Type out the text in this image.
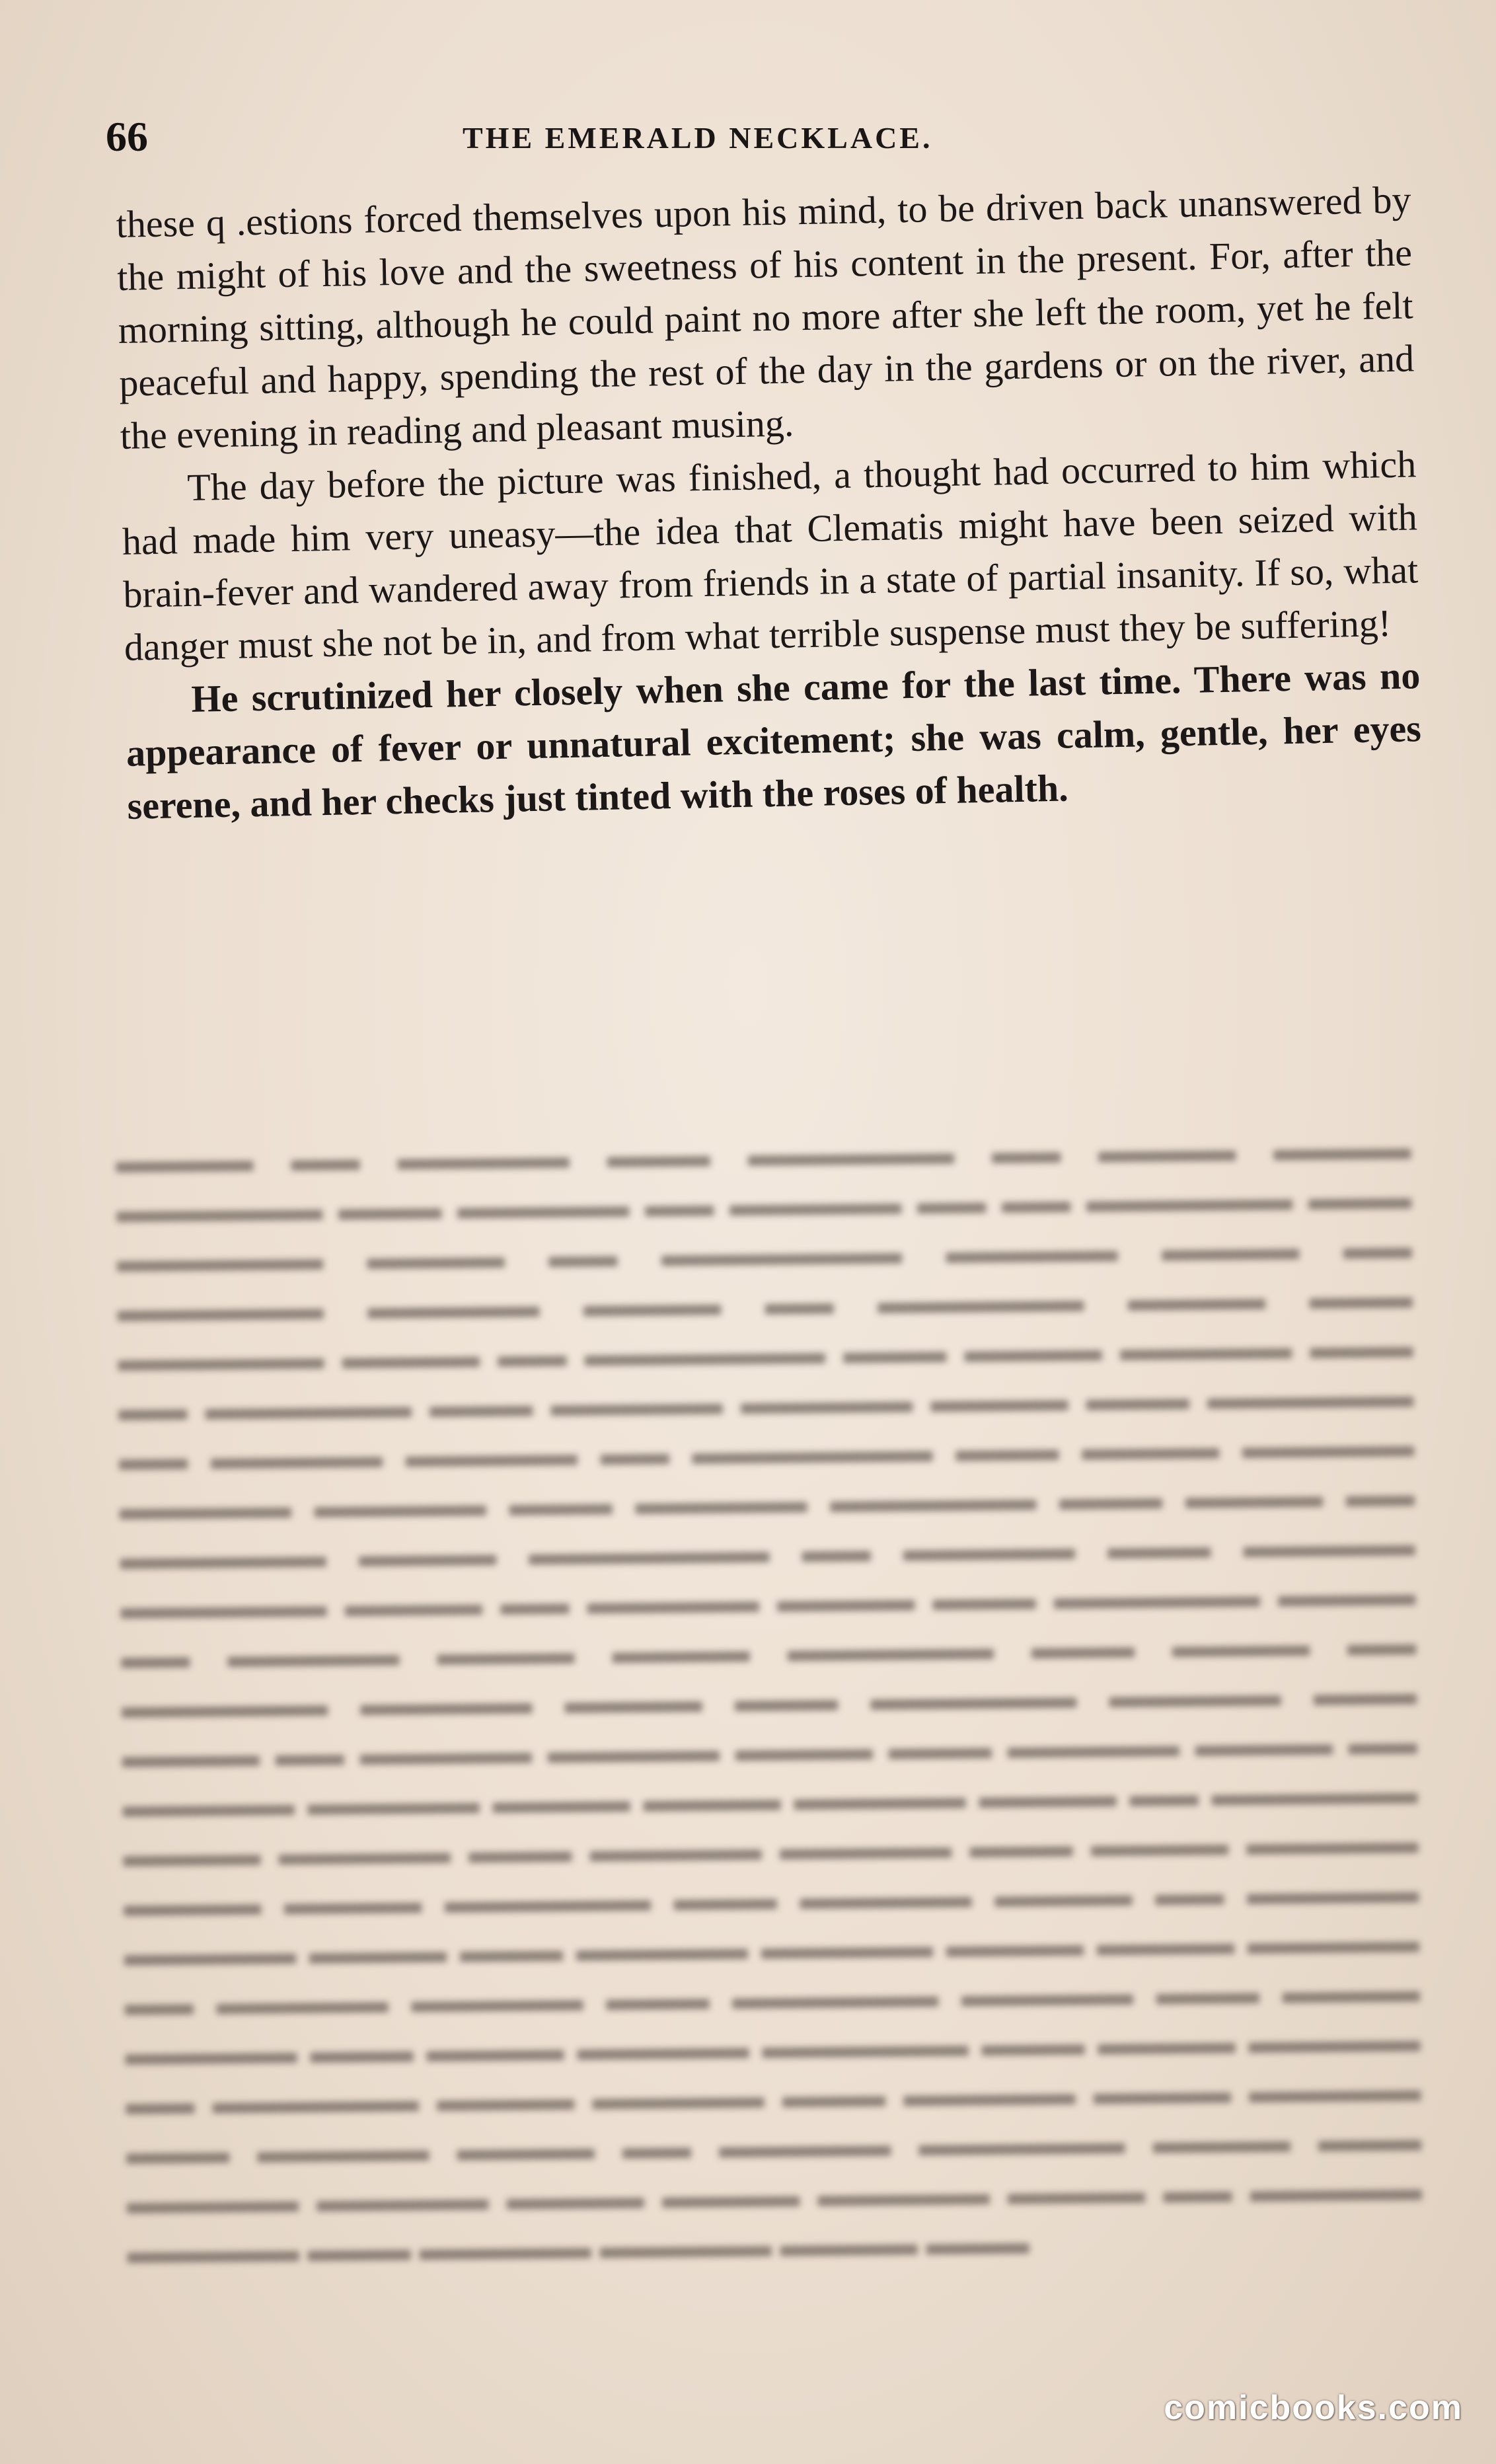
66	THE EMERALD NECKLACE.

these q .estions forced themselves upon his mind, to be driven back unanswered by the might of his love and the sweetness of his content in the present. For, after the morning sitting, although he could paint no more after she left the room, yet he felt peaceful and happy, spending the rest of the day in the gardens or on the river, and the evening in reading and pleasant musing.

The day before the picture was finished, a thought had occurred to him which had made him very uneasy—the idea that Clematis might have been seized with brain-fever and wandered away from friends in a state of partial insanity. If so, what danger must she not be in, and from what terrible suspense must they be suffering!

He scrutinized her closely when she came for the last time. There was no appearance of fever or unnatural excitement; she was calm, gentle, her eyes serene, and her checks just tinted with the roses of health.

▬▬▬▬ ▬▬ ▬▬▬▬▬ ▬▬▬ ▬▬▬▬▬▬ ▬▬ ▬▬▬▬ ▬▬▬▬ ▬▬▬▬▬▬ ▬▬▬ ▬▬▬▬▬ ▬▬ ▬▬▬▬▬ ▬▬ ▬▬ ▬▬▬▬▬▬ ▬▬▬ ▬▬▬▬▬▬ ▬▬▬▬ ▬▬ ▬▬▬▬▬▬▬ ▬▬▬▬▬ ▬▬▬▬ ▬▬ ▬▬▬▬▬▬ ▬▬▬▬▬ ▬▬▬▬ ▬▬ ▬▬▬▬▬▬ ▬▬▬▬ ▬▬▬ ▬▬▬▬▬▬ ▬▬▬▬ ▬▬ ▬▬▬▬▬▬▬ ▬▬▬ ▬▬▬▬ ▬▬▬▬▬ ▬▬▬ ▬▬ ▬▬▬▬▬▬ ▬▬▬ ▬▬▬▬▬ ▬▬▬▬▬ ▬▬▬▬ ▬▬▬ ▬▬▬▬▬▬ ▬▬ ▬▬▬▬▬ ▬▬▬▬▬ ▬▬ ▬▬▬▬▬▬▬ ▬▬▬ ▬▬▬▬ ▬▬▬▬▬ ▬▬▬▬▬ ▬▬▬▬▬ ▬▬▬ ▬▬▬▬▬ ▬▬▬▬▬▬ ▬▬▬ ▬▬▬▬ ▬▬ ▬▬▬▬▬▬ ▬▬▬▬ ▬▬▬▬▬▬▬ ▬▬ ▬▬▬▬▬ ▬▬▬ ▬▬▬▬▬ ▬▬▬▬▬▬ ▬▬▬▬ ▬▬ ▬▬▬▬▬ ▬▬▬▬ ▬▬▬ ▬▬▬▬▬▬ ▬▬▬▬ ▬▬ ▬▬▬▬▬ ▬▬▬▬ ▬▬▬▬ ▬▬▬▬▬▬ ▬▬▬ ▬▬▬▬ ▬▬ ▬▬▬▬▬▬ ▬▬▬▬▬ ▬▬▬▬ ▬▬▬ ▬▬▬▬▬▬ ▬▬▬▬▬ ▬▬▬ ▬▬▬▬ ▬▬ ▬▬▬▬▬ ▬▬▬▬▬ ▬▬▬▬ ▬▬▬ ▬▬▬▬▬ ▬▬▬▬ ▬▬ ▬▬▬▬▬ ▬▬▬▬▬ ▬▬▬▬ ▬▬▬▬ ▬▬▬▬▬ ▬▬▬▬ ▬▬ ▬▬▬▬▬▬ ▬▬▬▬ ▬▬▬▬▬ ▬▬▬ ▬▬▬▬▬ ▬▬▬▬▬ ▬▬▬ ▬▬▬▬ ▬▬▬▬▬ ▬▬▬▬ ▬▬▬▬ ▬▬▬▬▬▬ ▬▬▬ ▬▬▬▬▬ ▬▬▬▬ ▬▬ ▬▬▬▬▬ ▬▬▬▬▬ ▬▬▬▬ ▬▬▬ ▬▬▬▬▬ ▬▬▬▬▬ ▬▬▬▬ ▬▬▬▬ ▬▬▬▬▬ ▬▬ ▬▬▬▬▬ ▬▬▬▬▬ ▬▬▬ ▬▬▬▬▬▬ ▬▬▬▬▬ ▬▬▬ ▬▬▬▬ ▬▬▬▬▬ ▬▬▬ ▬▬▬▬ ▬▬▬▬▬ ▬▬▬▬▬▬ ▬▬▬ ▬▬▬▬ ▬▬▬▬▬ ▬▬ ▬▬▬▬▬▬ ▬▬▬▬ ▬▬▬▬▬ ▬▬▬ ▬▬▬▬▬ ▬▬▬▬ ▬▬▬▬▬ ▬▬▬ ▬▬▬▬▬ ▬▬▬▬ ▬▬ ▬▬▬▬▬ ▬▬▬▬▬▬ ▬▬▬▬ ▬▬▬ ▬▬▬▬▬ ▬▬▬▬▬ ▬▬▬▬ ▬▬▬▬ ▬▬▬▬▬ ▬▬▬▬ ▬▬ ▬▬▬▬▬ ▬▬▬▬▬ ▬▬▬ ▬▬▬▬▬ ▬▬▬▬▬ ▬▬▬▬ ▬▬▬

comicbooks.com
